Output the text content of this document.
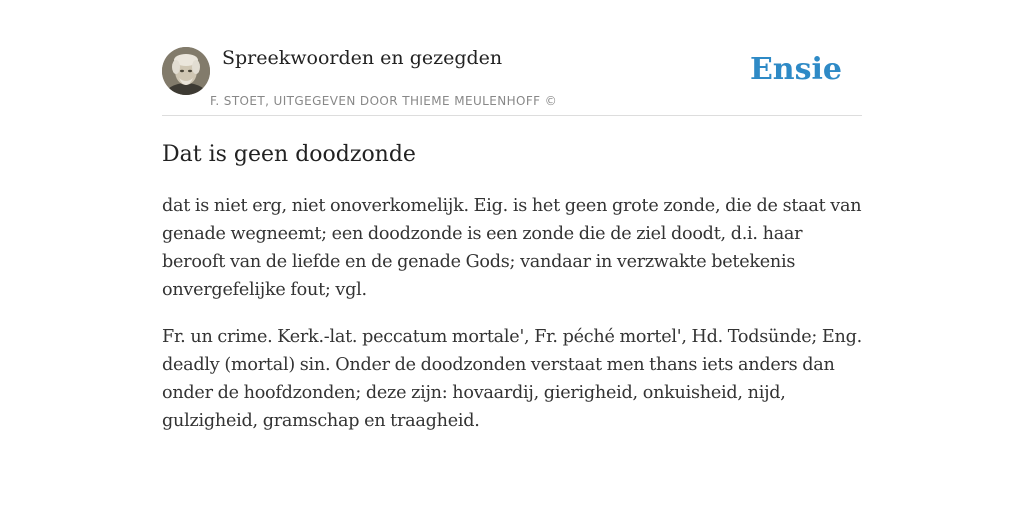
Spreekwoorden en gezegden
F. STOET, UITGEGEVEN DOOR THIEME MEULENHOFF ©
Ensie
Dat is geen doodzonde

dat is niet erg, niet onoverkomelijk. Eig. is het geen grote zonde, die de staat van genade wegneemt; een doodzonde is een zonde die de ziel doodt, d.i. haar berooft van de liefde en de genade Gods; vandaar in verzwakte betekenis onvergefelijke fout; vgl.

Fr. un crime. Kerk.-lat. peccatum mortale', Fr. péché mortel', Hd. Todsünde; Eng. deadly (mortal) sin. Onder de doodzonden verstaat men thans iets anders dan onder de hoofdzonden; deze zijn: hovaardij, gierigheid, onkuisheid, nijd, gulzigheid, gramschap en traagheid.
